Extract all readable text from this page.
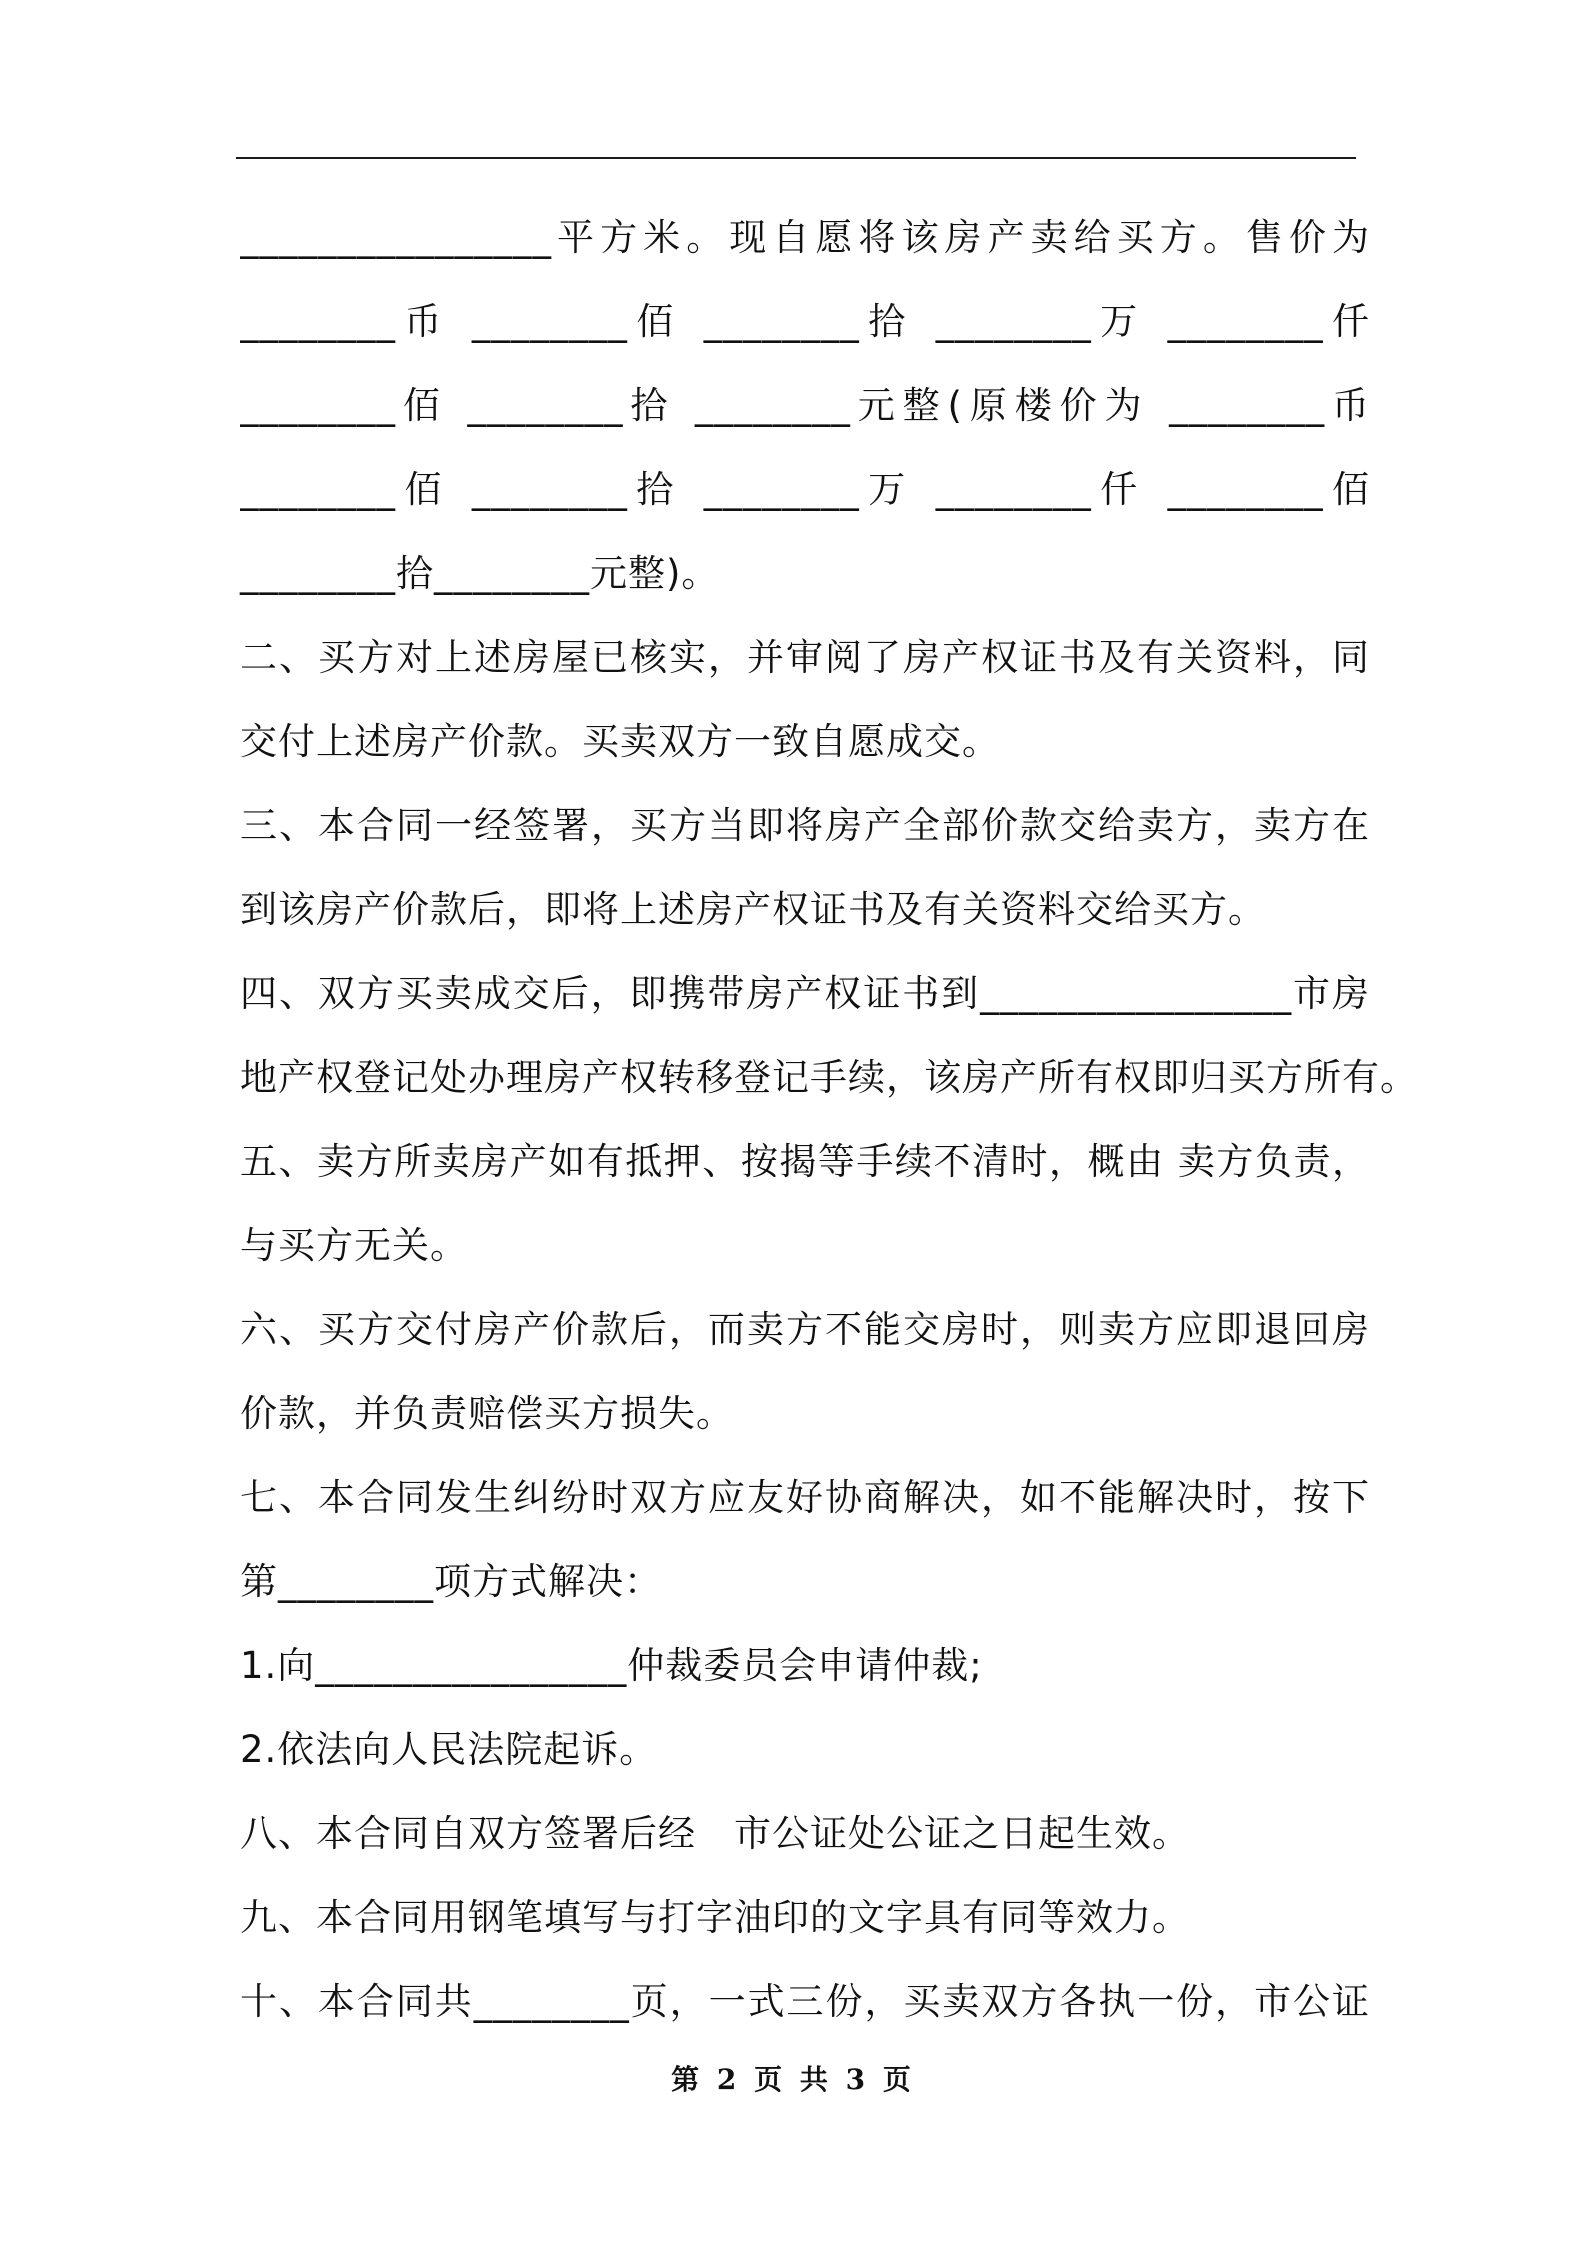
________________平方米。现自愿将该房产卖给买方。售价为
________币 ________佰 ________拾 ________万 ________仟
________佰 ________拾 ________元整(原楼价为 ________币
________佰 ________拾 ________万 ________仟 ________佰
________拾________元整)。
二、买方对上述房屋已核实，并审阅了房产权证书及有关资料，同
交付上述房产价款。买卖双方一致自愿成交。
三、本合同一经签署，买方当即将房产全部价款交给卖方，卖方在
到该房产价款后，即将上述房产权证书及有关资料交给买方。
四、双方买卖成交后，即携带房产权证书到________________市房
地产权登记处办理房产权转移登记手续，该房产所有权即归买方所有。
五、卖方所卖房产如有抵押、按揭等手续不清时，概由 卖方负责，
与买方无关。
六、买方交付房产价款后，而卖方不能交房时，则卖方应即退回房
价款，并负责赔偿买方损失。
七、本合同发生纠纷时双方应友好协商解决，如不能解决时，按下
第________项方式解决：
1.向________________仲裁委员会申请仲裁;
2.依法向人民法院起诉。
八、本合同自双方签署后经　市公证处公证之日起生效。
九、本合同用钢笔填写与打字油印的文字具有同等效力。
十、本合同共________页，一式三份，买卖双方各执一份，市公证
第 2 页 共 3 页
